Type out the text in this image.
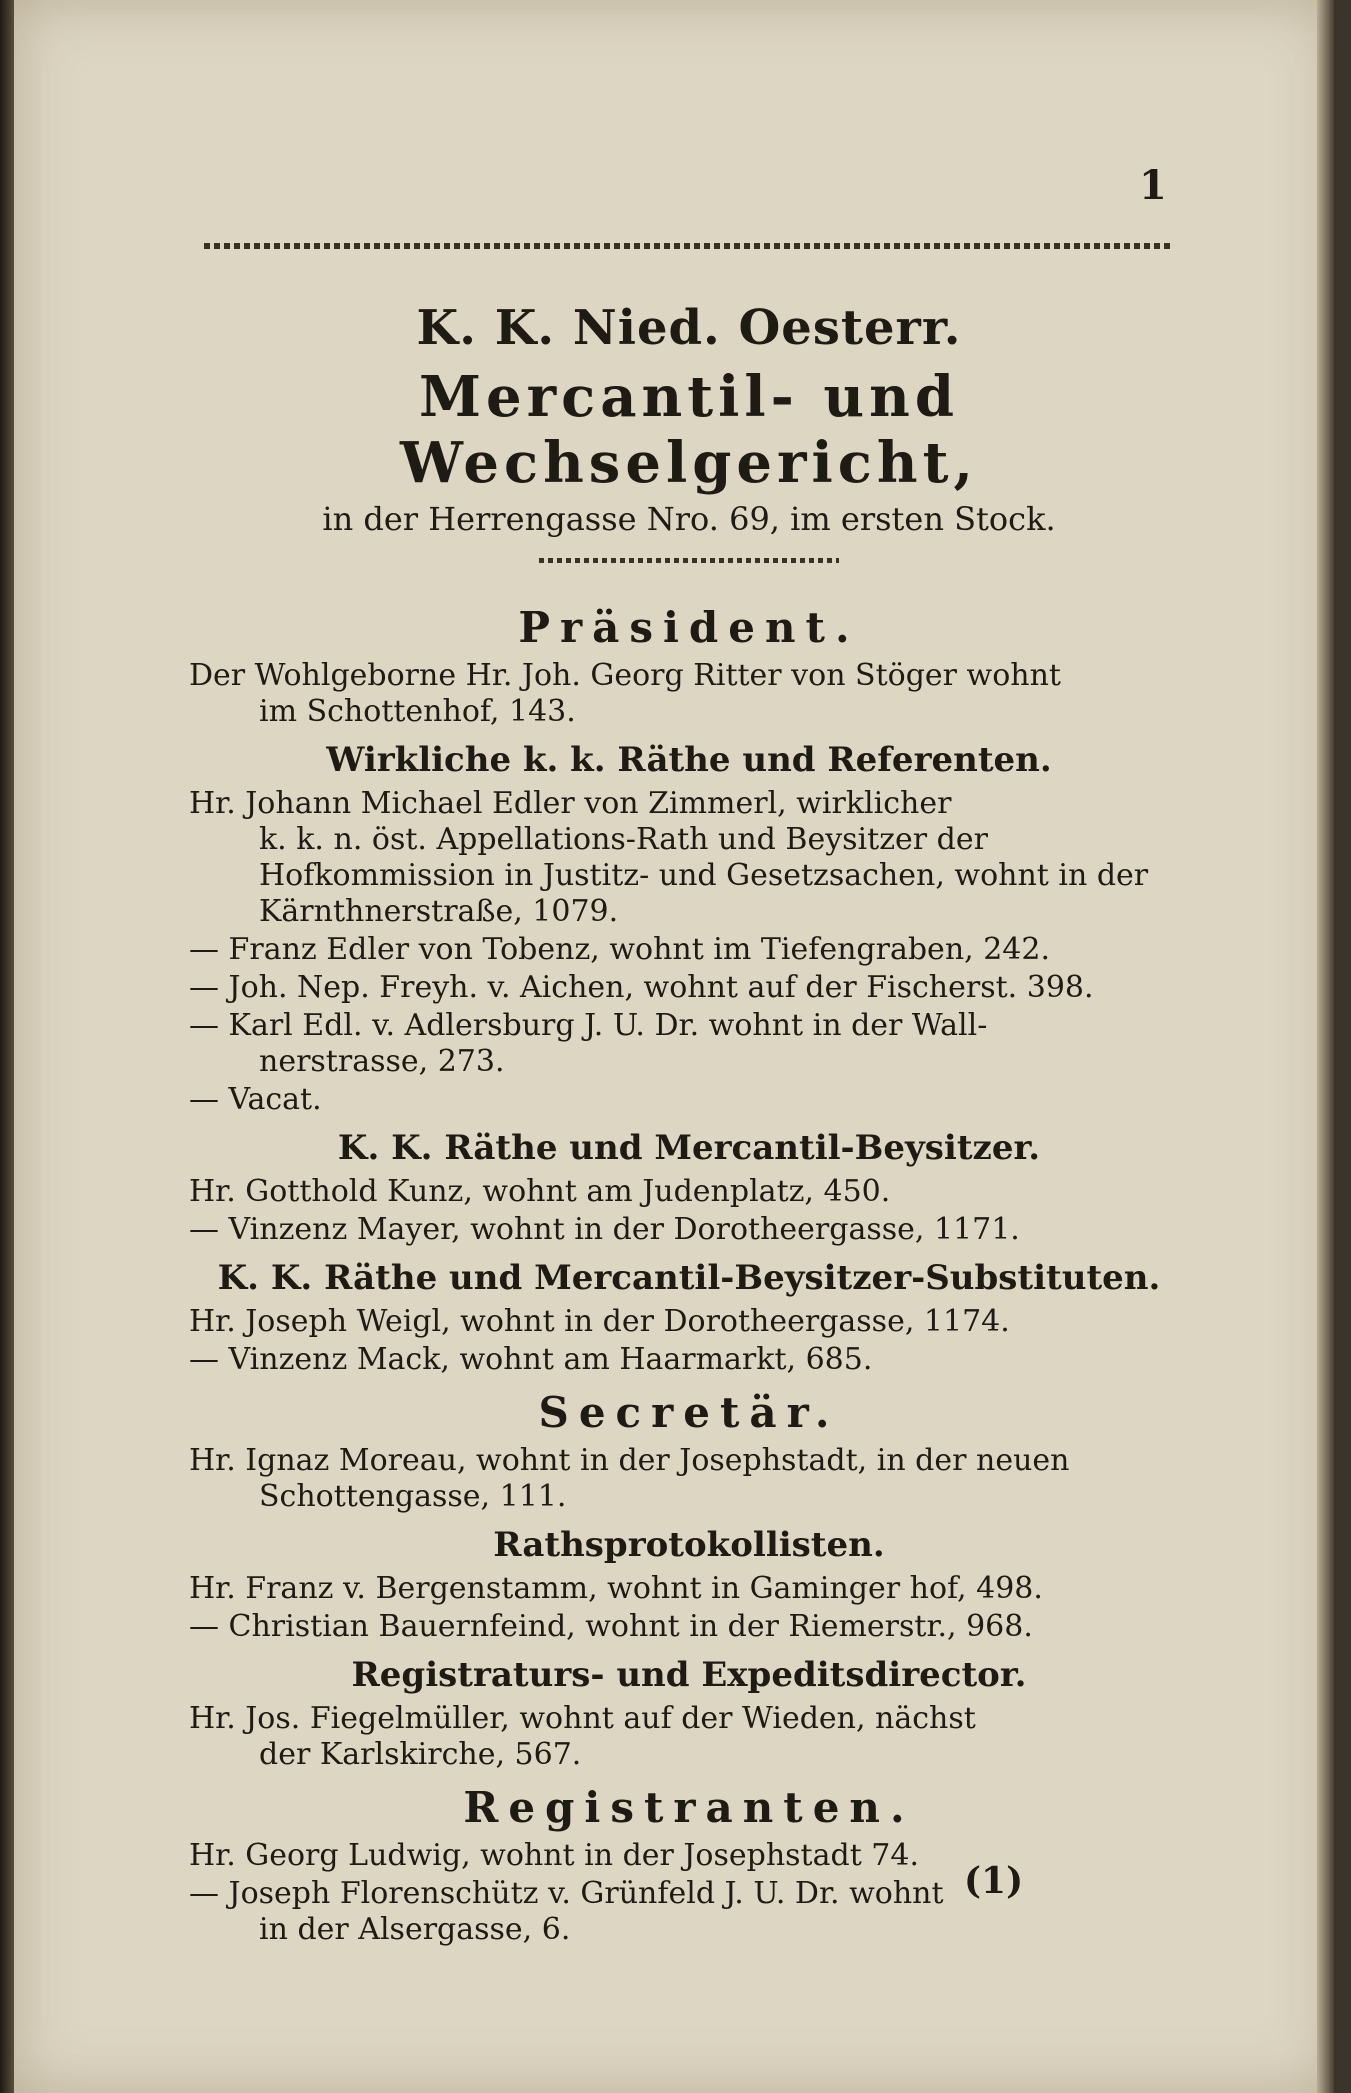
1
K. K. Nied. Oesterr.
Mercantil- und Wechselgericht,
in der Herrengasse Nro. 69, im ersten Stock.
Präsident.
Der Wohlgeborne Hr. Joh. Georg Ritter von Stöger wohnt
im Schottenhof, 143.
Wirkliche k. k. Räthe und Referenten.
Hr. Johann Michael Edler von Zimmerl, wirklicher
k. k. n. öst. Appellations-Rath und Beysitzer der Hofkommission in Justitz- und Gesetzsachen, wohnt in der Kärnthnerstraße, 1079.
— Franz Edler von Tobenz, wohnt im Tiefengraben, 242.
— Joh. Nep. Freyh. v. Aichen, wohnt auf der Fischerst. 398.
— Karl Edl. v. Adlersburg J. U. Dr. wohnt in der Wall-
nerstrasse, 273.
— Vacat.
K. K. Räthe und Mercantil-Beysitzer.
Hr. Gotthold Kunz, wohnt am Judenplatz, 450.
— Vinzenz Mayer, wohnt in der Dorotheergasse, 1171.
K. K. Räthe und Mercantil-Beysitzer-Substituten.
Hr. Joseph Weigl, wohnt in der Dorotheergasse, 1174.
— Vinzenz Mack, wohnt am Haarmarkt, 685.
Secretär.
Hr. Ignaz Moreau, wohnt in der Josephstadt, in der neuen
Schottengasse, 111.
Rathsprotokollisten.
Hr. Franz v. Bergenstamm, wohnt in Gaminger hof, 498.
— Christian Bauernfeind, wohnt in der Riemerstr., 968.
Registraturs- und Expeditsdirector.
Hr. Jos. Fiegelmüller, wohnt auf der Wieden, nächst
der Karlskirche, 567.
Registranten.
Hr. Georg Ludwig, wohnt in der Josephstadt 74.
— Joseph Florenschütz v. Grünfeld J. U. Dr. wohnt
in der Alsergasse, 6.
(1)
